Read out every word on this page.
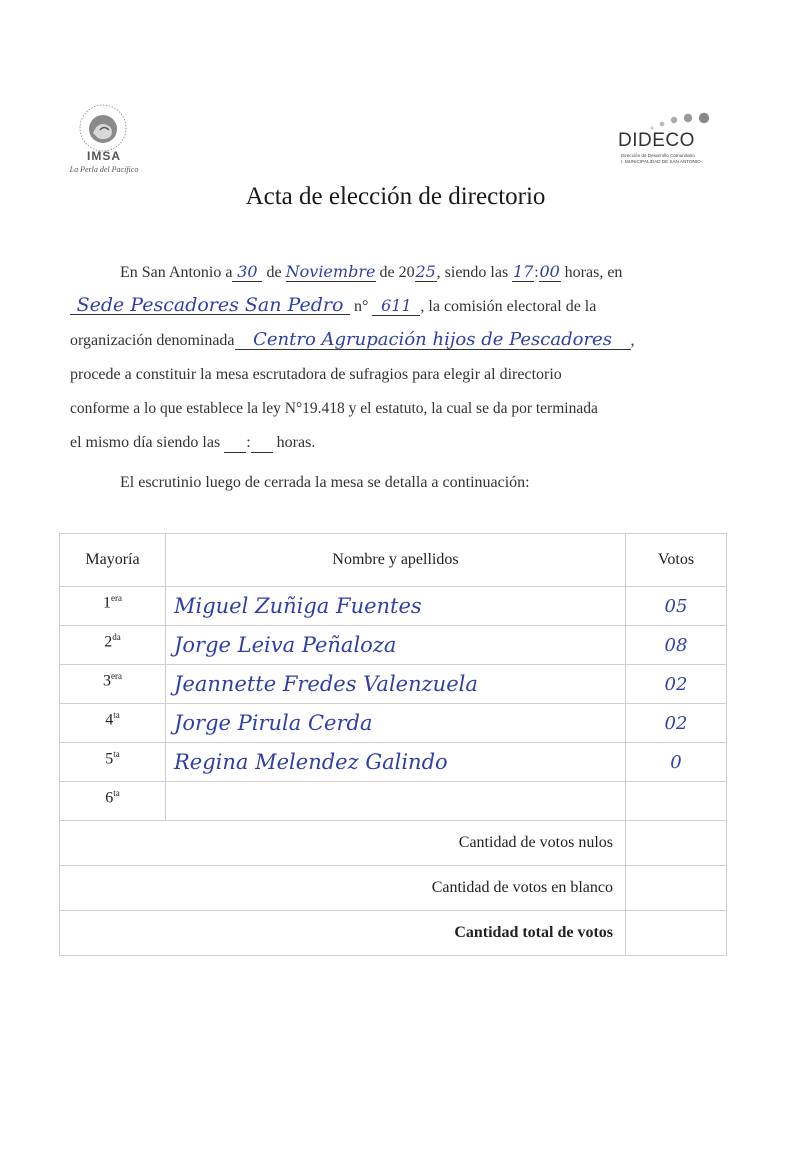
IMSA
La Perla del Pacífico
DIDECO
Dirección de Desarrollo Comunitario
I. MUNICIPALIDAD DE SAN ANTONIO
Acta de elección de directorio
En San Antonio a 30 de Noviembre de 2025, siendo las 17:00 horas, en
Sede Pescadores San Pedro n° 611 , la comisión electoral de la
organización denominada Centro Agrupación hijos de Pescadores ,
procede a constituir la mesa escrutadora de sufragios para elegir al directorio
conforme a lo que establece la ley N°19.418 y el estatuto, la cual se da por terminada
el mismo día siendo las : horas.
El escrutinio luego de cerrada la mesa se detalla a continuación:
Mayoría	Nombre y apellidos	Votos
$1^{era}$	Miguel Zuñiga Fuentes	05
$2^{da}$	Jorge Leiva Peñaloza	08
$3^{era}$	Jeannette Fredes Valenzuela	02
$4^{ta}$	Jorge Pirula Cerda	02
$5^{ta}$	Regina Melendez Galindo	0
$6^{ta}$		
Cantidad de votos nulos		
Cantidad de votos en blanco		
Cantidad total de votos		
